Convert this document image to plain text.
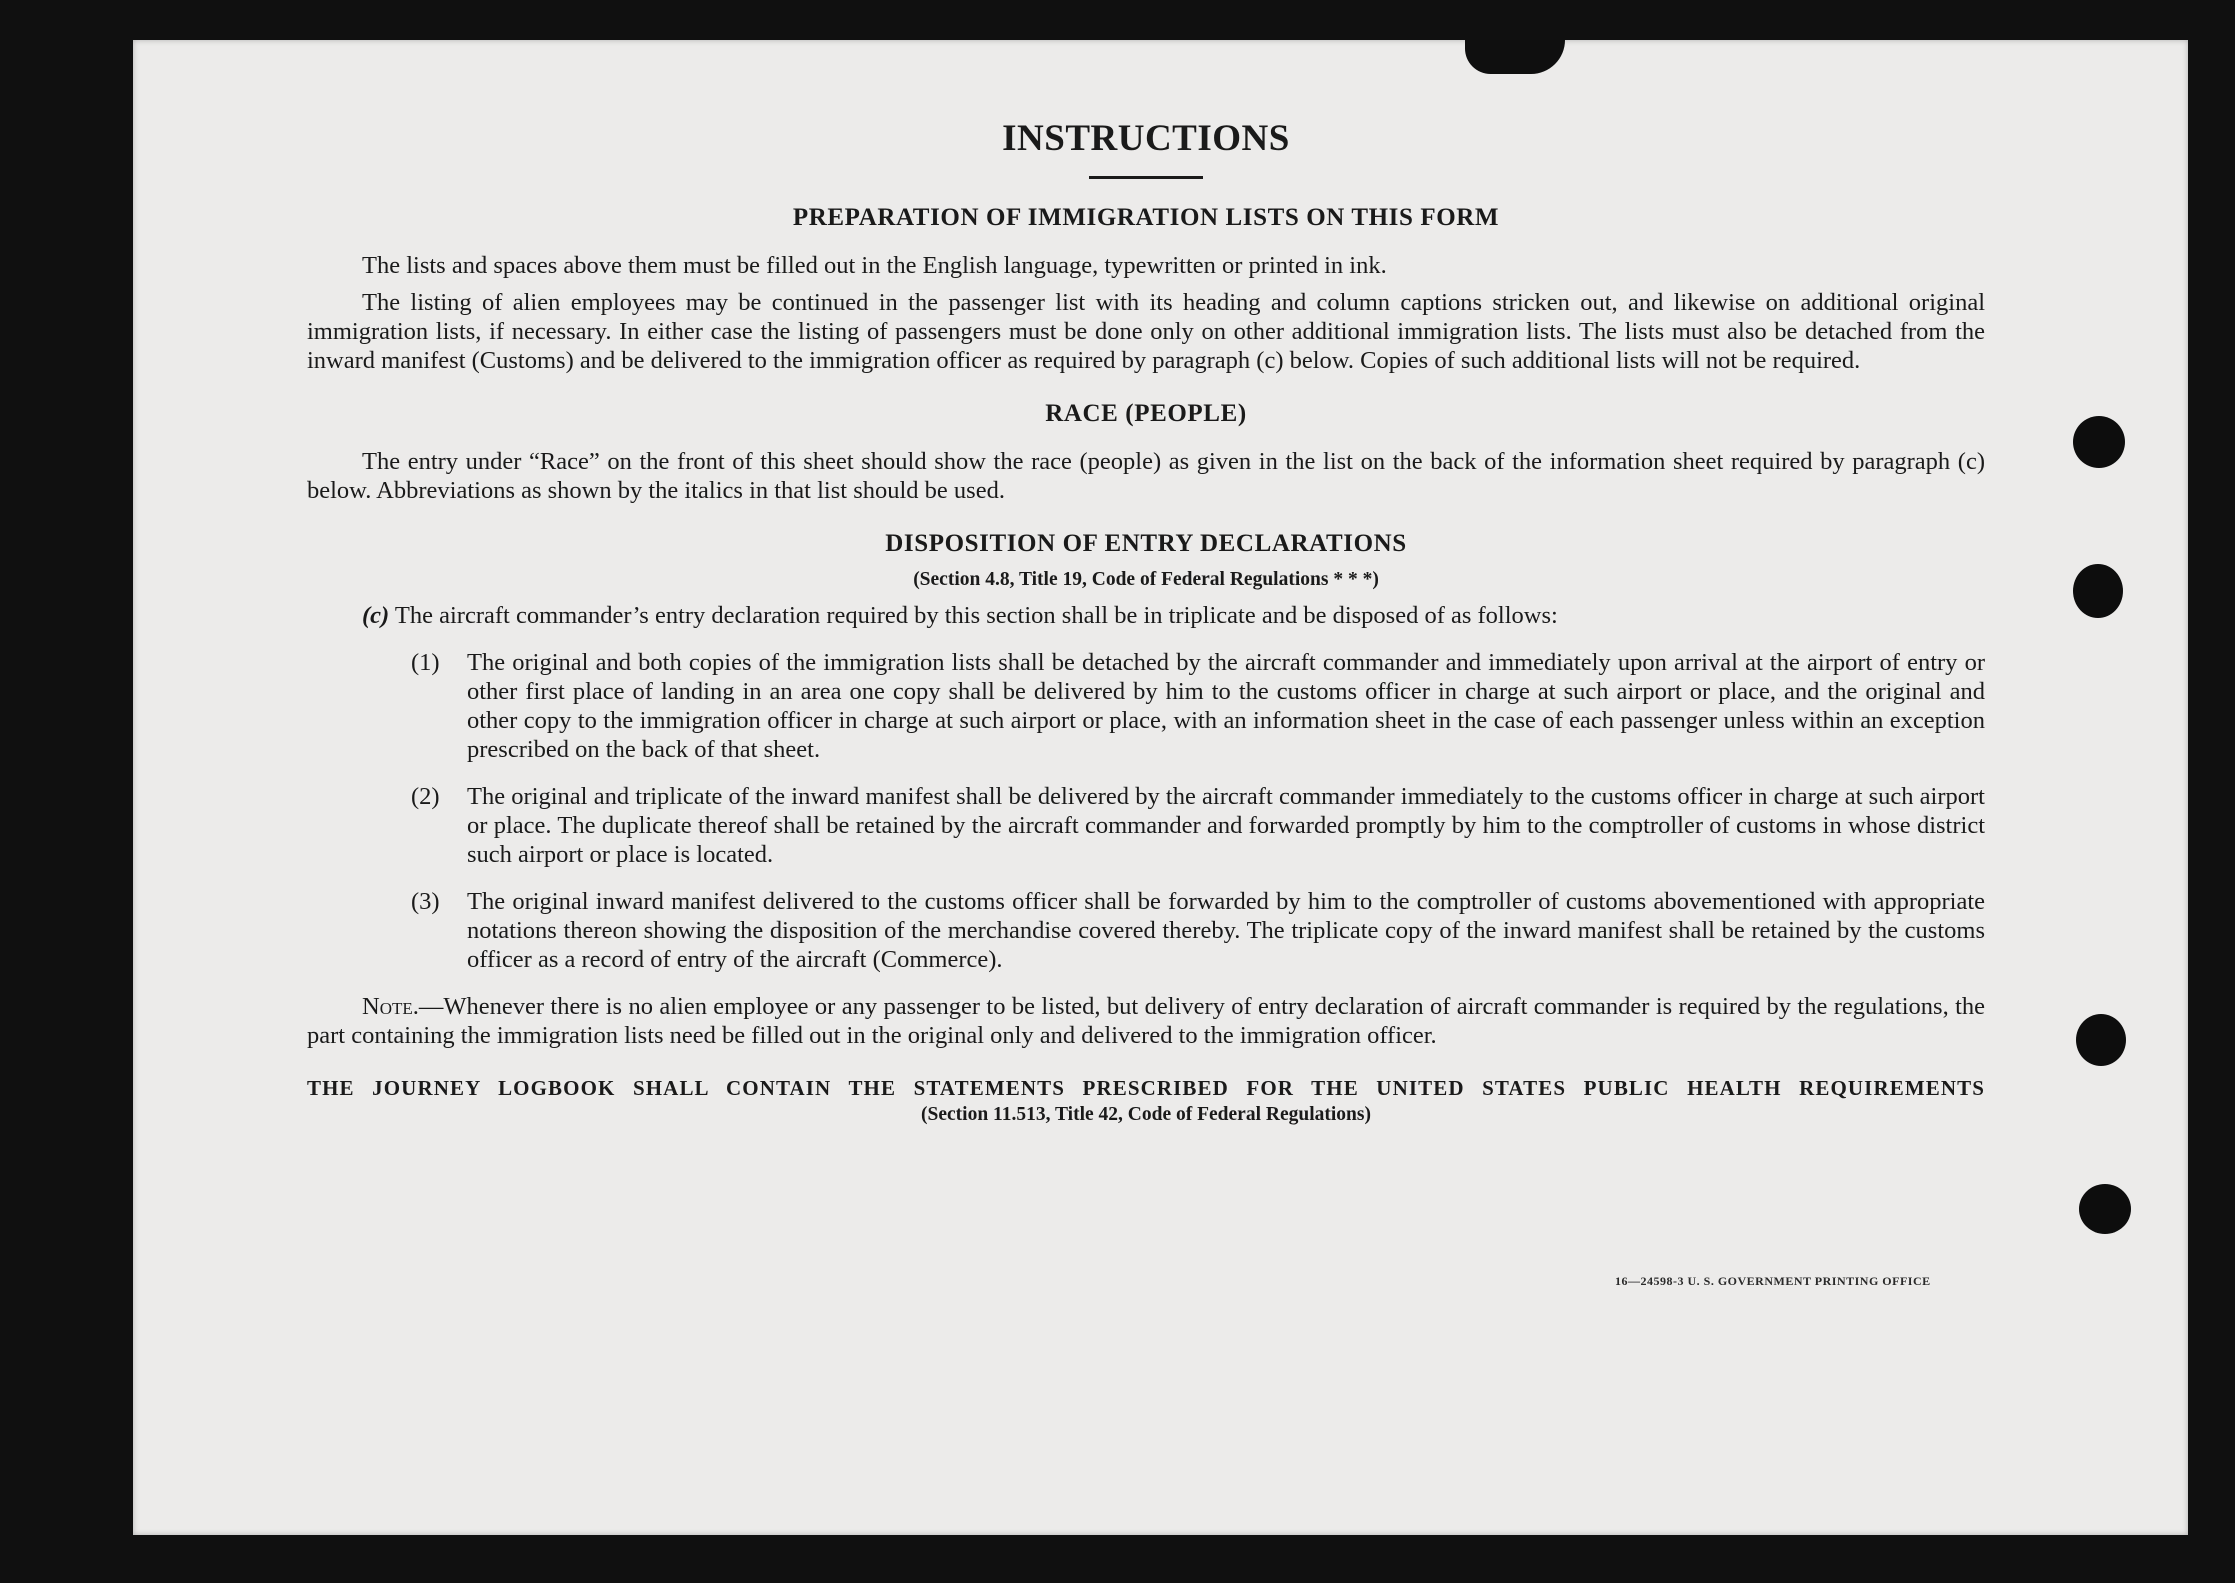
INSTRUCTIONS
PREPARATION OF IMMIGRATION LISTS ON THIS FORM

The lists and spaces above them must be filled out in the English language, typewritten or printed in ink.

The listing of alien employees may be continued in the passenger list with its heading and column captions stricken out, and likewise on additional original immigration lists, if necessary. In either case the listing of passengers must be done only on other additional immigration lists. The lists must also be detached from the inward manifest (Customs) and be delivered to the immigration officer as required by paragraph (c) below. Copies of such additional lists will not be required.

RACE (PEOPLE)

The entry under “Race” on the front of this sheet should show the race (people) as given in the list on the back of the information sheet required by paragraph (c) below. Abbreviations as shown by the italics in that list should be used.

DISPOSITION OF ENTRY DECLARATIONS
(Section 4.8, Title 19, Code of Federal Regulations * * *)
(c) The aircraft commander’s entry declaration required by this section shall be in triplicate and be disposed of as follows:
(1) The original and both copies of the immigration lists shall be detached by the aircraft commander and immediately upon arrival at the airport of entry or other first place of landing in an area one copy shall be delivered by him to the customs officer in charge at such airport or place, and the original and other copy to the immigration officer in charge at such airport or place, with an information sheet in the case of each passenger unless within an exception prescribed on the back of that sheet.
(2) The original and triplicate of the inward manifest shall be delivered by the aircraft commander immediately to the customs officer in charge at such airport or place. The duplicate thereof shall be retained by the aircraft commander and forwarded promptly by him to the comptroller of customs in whose district such airport or place is located.
(3) The original inward manifest delivered to the customs officer shall be forwarded by him to the comptroller of customs abovementioned with appropriate notations thereon showing the disposition of the merchandise covered thereby. The triplicate copy of the inward manifest shall be retained by the customs officer as a record of entry of the aircraft (Commerce).

Note.—Whenever there is no alien employee or any passenger to be listed, but delivery of entry declaration of aircraft commander is required by the regulations, the part containing the immigration lists need be filled out in the original only and delivered to the immigration officer.

THE JOURNEY LOGBOOK SHALL CONTAIN THE STATEMENTS PRESCRIBED FOR THE UNITED STATES PUBLIC HEALTH REQUIREMENTS
(Section 11.513, Title 42, Code of Federal Regulations)
16—24598-3 U. S. GOVERNMENT PRINTING OFFICE
